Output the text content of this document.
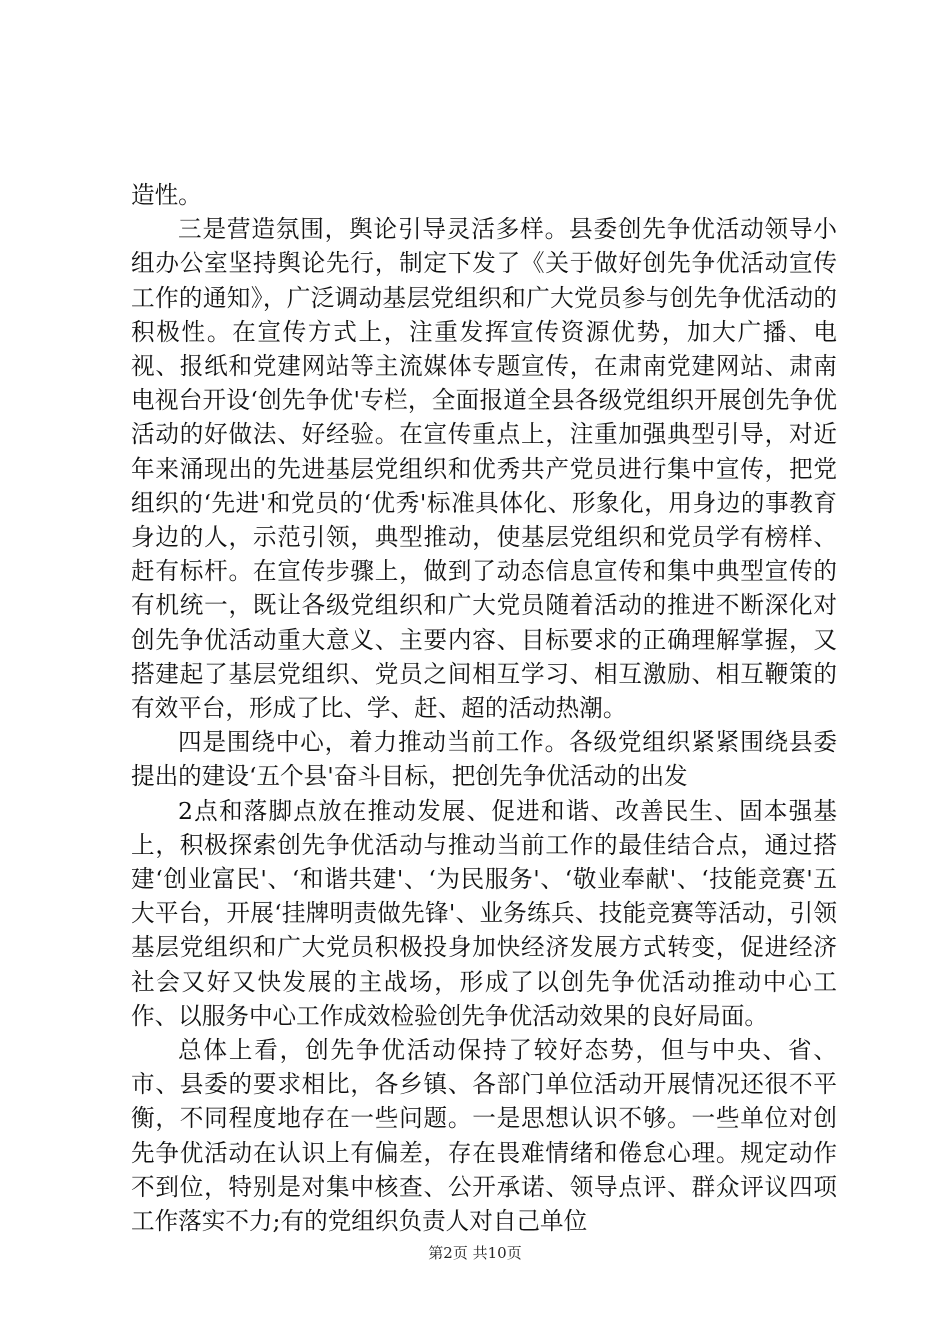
造性。

三是营造氛围，舆论引导灵活多样。县委创先争优活动领导小组办公室坚持舆论先行，制定下发了《关于做好创先争优活动宣传工作的通知》，广泛调动基层党组织和广大党员参与创先争优活动的积极性。在宣传方式上，注重发挥宣传资源优势，加大广播、电视、报纸和党建网站等主流媒体专题宣传，在肃南党建网站、肃南电视台开设‘创先争优'专栏，全面报道全县各级党组织开展创先争优活动的好做法、好经验。在宣传重点上，注重加强典型引导，对近年来涌现出的先进基层党组织和优秀共产党员进行集中宣传，把党组织的‘先进'和党员的‘优秀'标准具体化、形象化，用身边的事教育身边的人，示范引领，典型推动，使基层党组织和党员学有榜样、赶有标杆。在宣传步骤上，做到了动态信息宣传和集中典型宣传的有机统一，既让各级党组织和广大党员随着活动的推进不断深化对创先争优活动重大意义、主要内容、目标要求的正确理解掌握，又搭建起了基层党组织、党员之间相互学习、相互激励、相互鞭策的有效平台，形成了比、学、赶、超的活动热潮。

四是围绕中心，着力推动当前工作。各级党组织紧紧围绕县委提出的建设‘五个县'奋斗目标，把创先争优活动的出发

2点和落脚点放在推动发展、促进和谐、改善民生、固本强基上，积极探索创先争优活动与推动当前工作的最佳结合点，通过搭建‘创业富民'、‘和谐共建'、‘为民服务'、‘敬业奉献'、‘技能竞赛'五大平台，开展‘挂牌明责做先锋'、业务练兵、技能竞赛等活动，引领基层党组织和广大党员积极投身加快经济发展方式转变，促进经济社会又好又快发展的主战场，形成了以创先争优活动推动中心工作、以服务中心工作成效检验创先争优活动效果的良好局面。

总体上看，创先争优活动保持了较好态势，但与中央、省、市、县委的要求相比，各乡镇、各部门单位活动开展情况还很不平衡，不同程度地存在一些问题。一是思想认识不够。一些单位对创先争优活动在认识上有偏差，存在畏难情绪和倦怠心理。规定动作不到位，特别是对集中核查、公开承诺、领导点评、群众评议四项工作落实不力;有的党组织负责人对自己单位

第2页 共10页
